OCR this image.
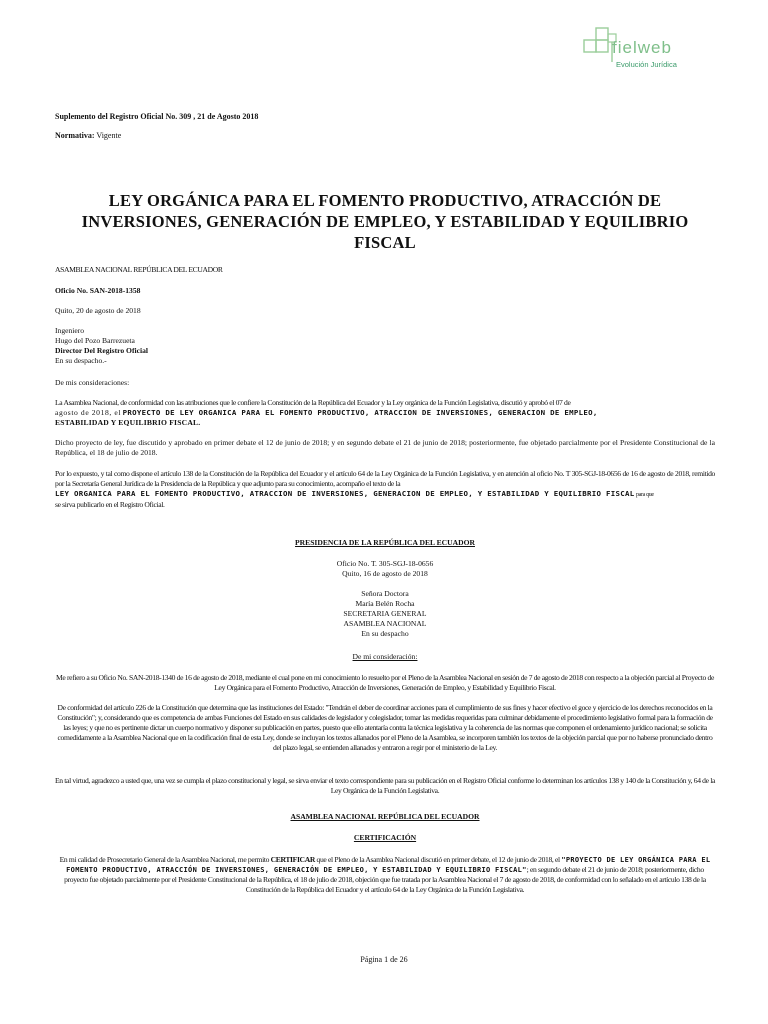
fielweb
Evolución Jurídica
Suplemento del Registro Oficial No. 309 , 21 de Agosto 2018
Normativa: Vigente
LEY ORGÁNICA PARA EL FOMENTO PRODUCTIVO, ATRACCIÓN DE INVERSIONES, GENERACIÓN DE EMPLEO, Y ESTABILIDAD Y EQUILIBRIO FISCAL
ASAMBLEA NACIONAL REPÚBLICA DEL ECUADOR
Oficio No. SAN-2018-1358
Quito, 20 de agosto de 2018
Ingeniero
Hugo del Pozo Barrezueta
Director Del Registro Oficial
En su despacho.-
De mis consideraciones:
La Asamblea Nacional, de conformidad con las atribuciones que le confiere la Constitución de la República del Ecuador y la Ley orgánica de la Función Legislativa, discutió y aprobó el 07 de
agosto de 2018, el PROYECTO DE LEY ORGANICA PARA EL FOMENTO PRODUCTIVO, ATRACCION DE INVERSIONES, GENERACION DE EMPLEO,
ESTABILIDAD Y EQUILIBRIO FISCAL.
Dicho proyecto de ley, fue discutido y aprobado en primer debate el 12 de junio de 2018; y en segundo debate el 21 de junio de 2018; posteriormente, fue objetado parcialmente por el Presidente Constitucional de la República, el 18 de julio de 2018.
Por lo expuesto, y tal como dispone el artículo 138 de la Constitución de la República del Ecuador y el artículo 64 de la Ley Orgánica de la Función Legislativa, y en atención al oficio No. T 305-SGJ-18-0656 de 16 de agosto de 2018, remitido por la Secretaría General Jurídica de la Presidencia de la República y que adjunto para su conocimiento, acompaño el texto de la
LEY ORGANICA PARA EL FOMENTO PRODUCTIVO, ATRACCION DE INVERSIONES, GENERACION DE EMPLEO, Y ESTABILIDAD Y EQUILIBRIO FISCAL para que
se sirva publicarlo en el Registro Oficial.
PRESIDENCIA DE LA REPÚBLICA DEL ECUADOR
Oficio No. T. 305-SGJ-18-0656
Quito, 16 de agosto de 2018
Señora Doctora
María Belén Rocha
SECRETARIA GENERAL
ASAMBLEA NACIONAL
En su despacho
De mi consideración:
Me refiero a su Oficio No. SAN-2018-1340 de 16 de agosto de 2018, mediante el cual pone en mi conocimiento lo resuelto por el Pleno de la Asamblea Nacional en sesión de 7 de agosto de 2018 con respecto a la objeción parcial al Proyecto de Ley Orgánica para el Fomento Productivo, Atracción de Inversiones, Generación de Empleo, y Estabilidad y Equilibrio Fiscal.
De conformidad del artículo 226 de la Constitución que determina que las instituciones del Estado: "Tendrán el deber de coordinar acciones para el cumplimiento de sus fines y hacer efectivo el goce y ejercicio de los derechos reconocidos en la Constitución"; y, considerando que es competencia de ambas Funciones del Estado en sus calidades de legislador y colegislador, tomar las medidas requeridas para culminar debidamente el procedimiento legislativo formal para la formación de las leyes; y que no es pertinente dictar un cuerpo normativo y disponer su publicación en partes, puesto que ello atentaría contra la técnica legislativa y la coherencia de las normas que componen el ordenamiento jurídico nacional; se solicita comedidamente a la Asamblea Nacional que en la codificación final de esta Ley, donde se incluyan los textos allanados por el Pleno de la Asamblea, se incorporen también los textos de la objeción parcial que por no haberse pronunciado dentro del plazo legal, se entienden allanados y entraron a regir por el ministerio de la Ley.
En tal virtud, agradezco a usted que, una vez se cumpla el plazo constitucional y legal, se sirva enviar el texto correspondiente para su publicación en el Registro Oficial conforme lo determinan los artículos 138 y 140 de la Constitución y, 64 de la Ley Orgánica de la Función Legislativa.
ASAMBLEA NACIONAL REPÚBLICA DEL ECUADOR
CERTIFICACIÓN
En mi calidad de Prosecretario General de la Asamblea Nacional, me permito CERTIFICAR que el Pleno de la Asamblea Nacional discutió en primer debate, el 12 de junio de 2018, el "PROYECTO DE LEY ORGÁNICA PARA EL FOMENTO PRODUCTIVO, ATRACCIÓN DE INVERSIONES, GENERACIÓN DE EMPLEO, Y ESTABILIDAD Y EQUILIBRIO FISCAL"; en segundo debate el 21 de junio de 2018; posteriormente, dicho proyecto fue objetado parcialmente por el Presidente Constitucional de la República, el 18 de julio de 2018, objeción que fue tratada por la Asamblea Nacional el 7 de agosto de 2018, de conformidad con lo señalado en el artículo 138 de la Constitución de la República del Ecuador y el artículo 64 de la Ley Orgánica de la Función Legislativa.
Página 1 de 26
